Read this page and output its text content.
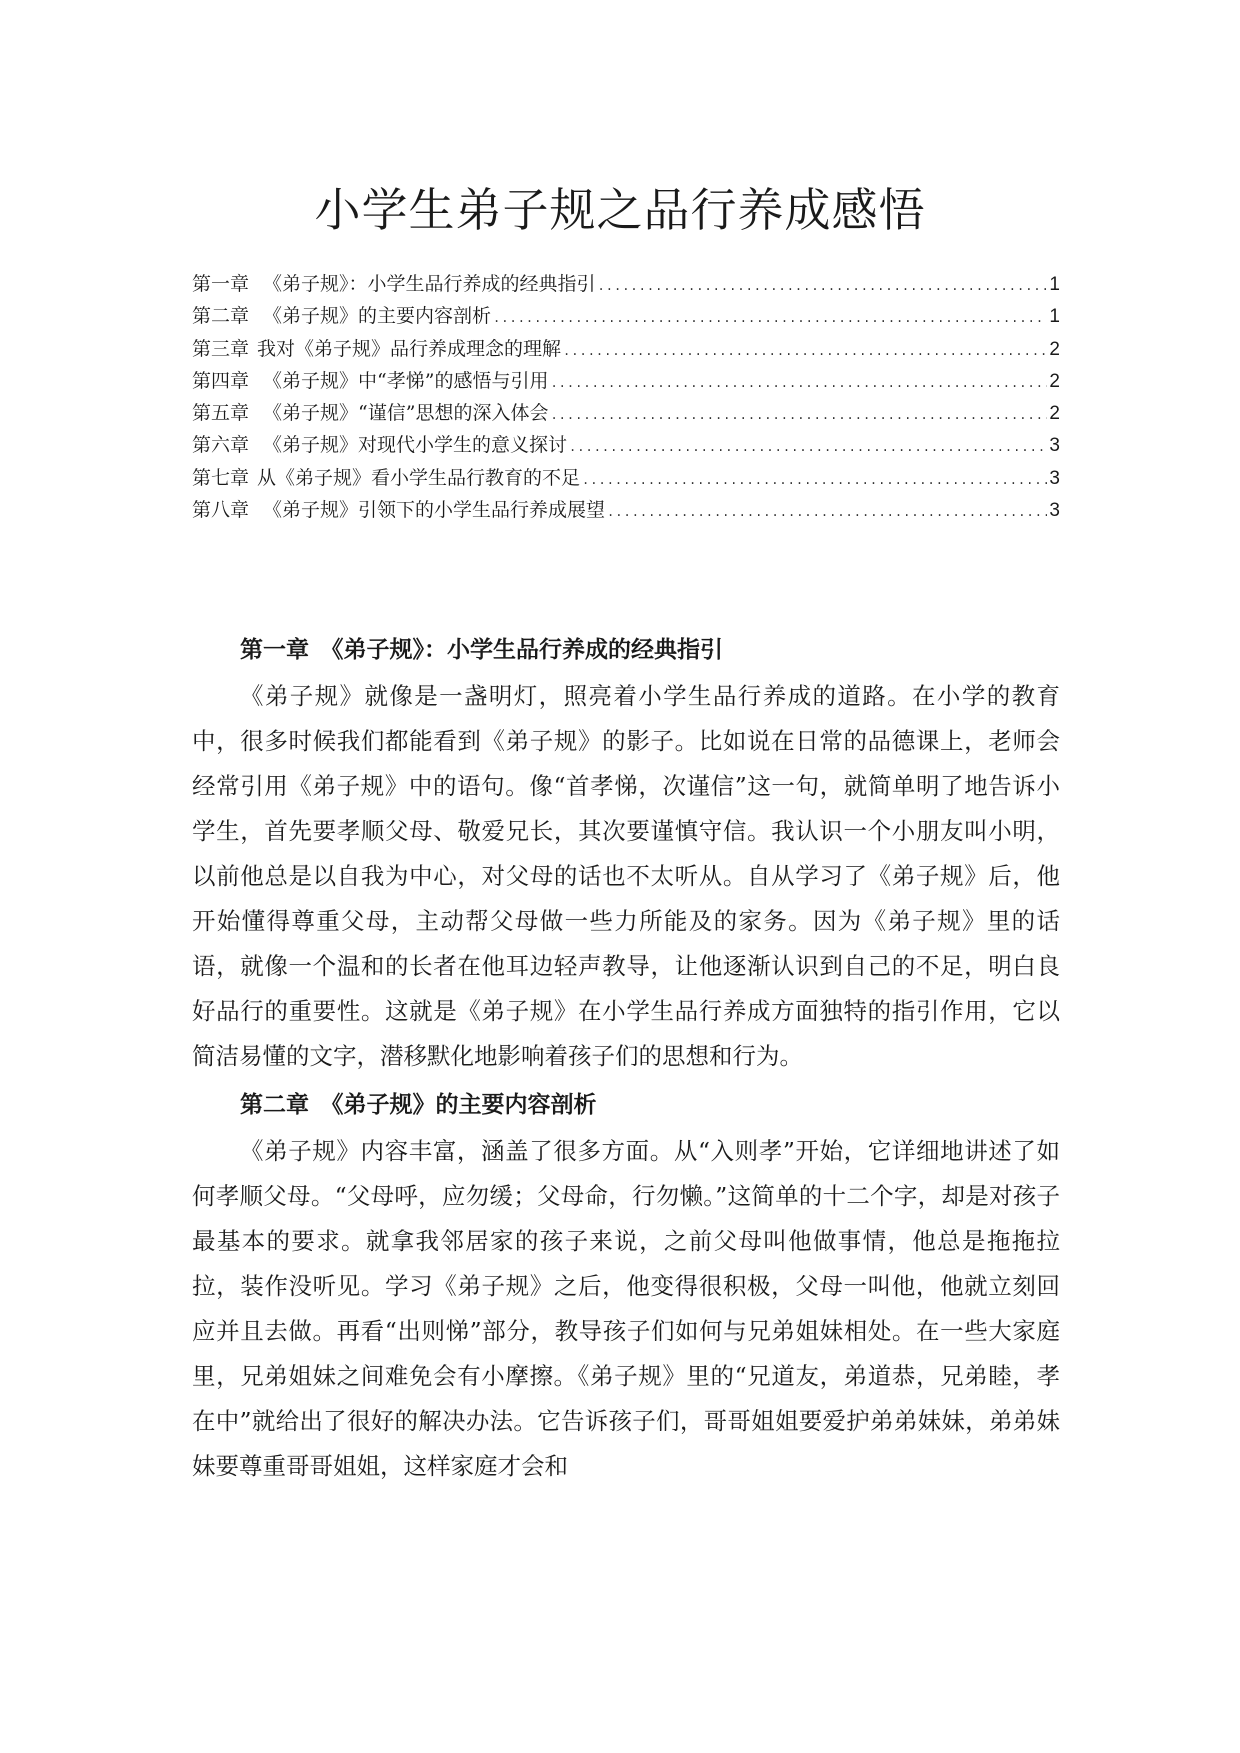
小学生弟子规之品行养成感悟
第一章 《弟子规》：小学生品行养成的经典指引 .....	1
第二章 《弟子规》的主要内容剖析 .....	1
第三章 我对《弟子规》品行养成理念的理解 .....	2
第四章 《弟子规》中“孝悌”的感悟与引用 .....	2
第五章 《弟子规》“谨信”思想的深入体会 .....	2
第六章 《弟子规》对现代小学生的意义探讨 .....	3
第七章 从《弟子规》看小学生品行教育的不足 .....	3
第八章 《弟子规》引领下的小学生品行养成展望 .....	3
第一章　《弟子规》：小学生品行养成的经典指引

《弟子规》就像是一盏明灯，照亮着小学生品行养成的道路。在小学的教育中，很多时候我们都能看到《弟子规》的影子。比如说在日常的品德课上，老师会经常引用《弟子规》中的语句。像“首孝悌，次谨信”这一句，就简单明了地告诉小学生，首先要孝顺父母、敬爱兄长，其次要谨慎守信。我认识一个小朋友叫小明，以前他总是以自我为中心，对父母的话也不太听从。自从学习了《弟子规》后，他开始懂得尊重父母，主动帮父母做一些力所能及的家务。因为《弟子规》里的话语，就像一个温和的长者在他耳边轻声教导，让他逐渐认识到自己的不足，明白良好品行的重要性。这就是《弟子规》在小学生品行养成方面独特的指引作用，它以简洁易懂的文字，潜移默化地影响着孩子们的思想和行为。

第二章　《弟子规》的主要内容剖析

《弟子规》内容丰富，涵盖了很多方面。从“入则孝”开始，它详细地讲述了如何孝顺父母。“父母呼，应勿缓；父母命，行勿懒。”这简单的十二个字，却是对孩子最基本的要求。就拿我邻居家的孩子来说，之前父母叫他做事情，他总是拖拖拉拉，装作没听见。学习《弟子规》之后，他变得很积极，父母一叫他，他就立刻回应并且去做。再看“出则悌”部分，教导孩子们如何与兄弟姐妹相处。在一些大家庭里，兄弟姐妹之间难免会有小摩擦。《弟子规》里的“兄道友，弟道恭，兄弟睦，孝在中”就给出了很好的解决办法。它告诉孩子们，哥哥姐姐要爱护弟弟妹妹，弟弟妹妹要尊重哥哥姐姐，这样家庭才会和
